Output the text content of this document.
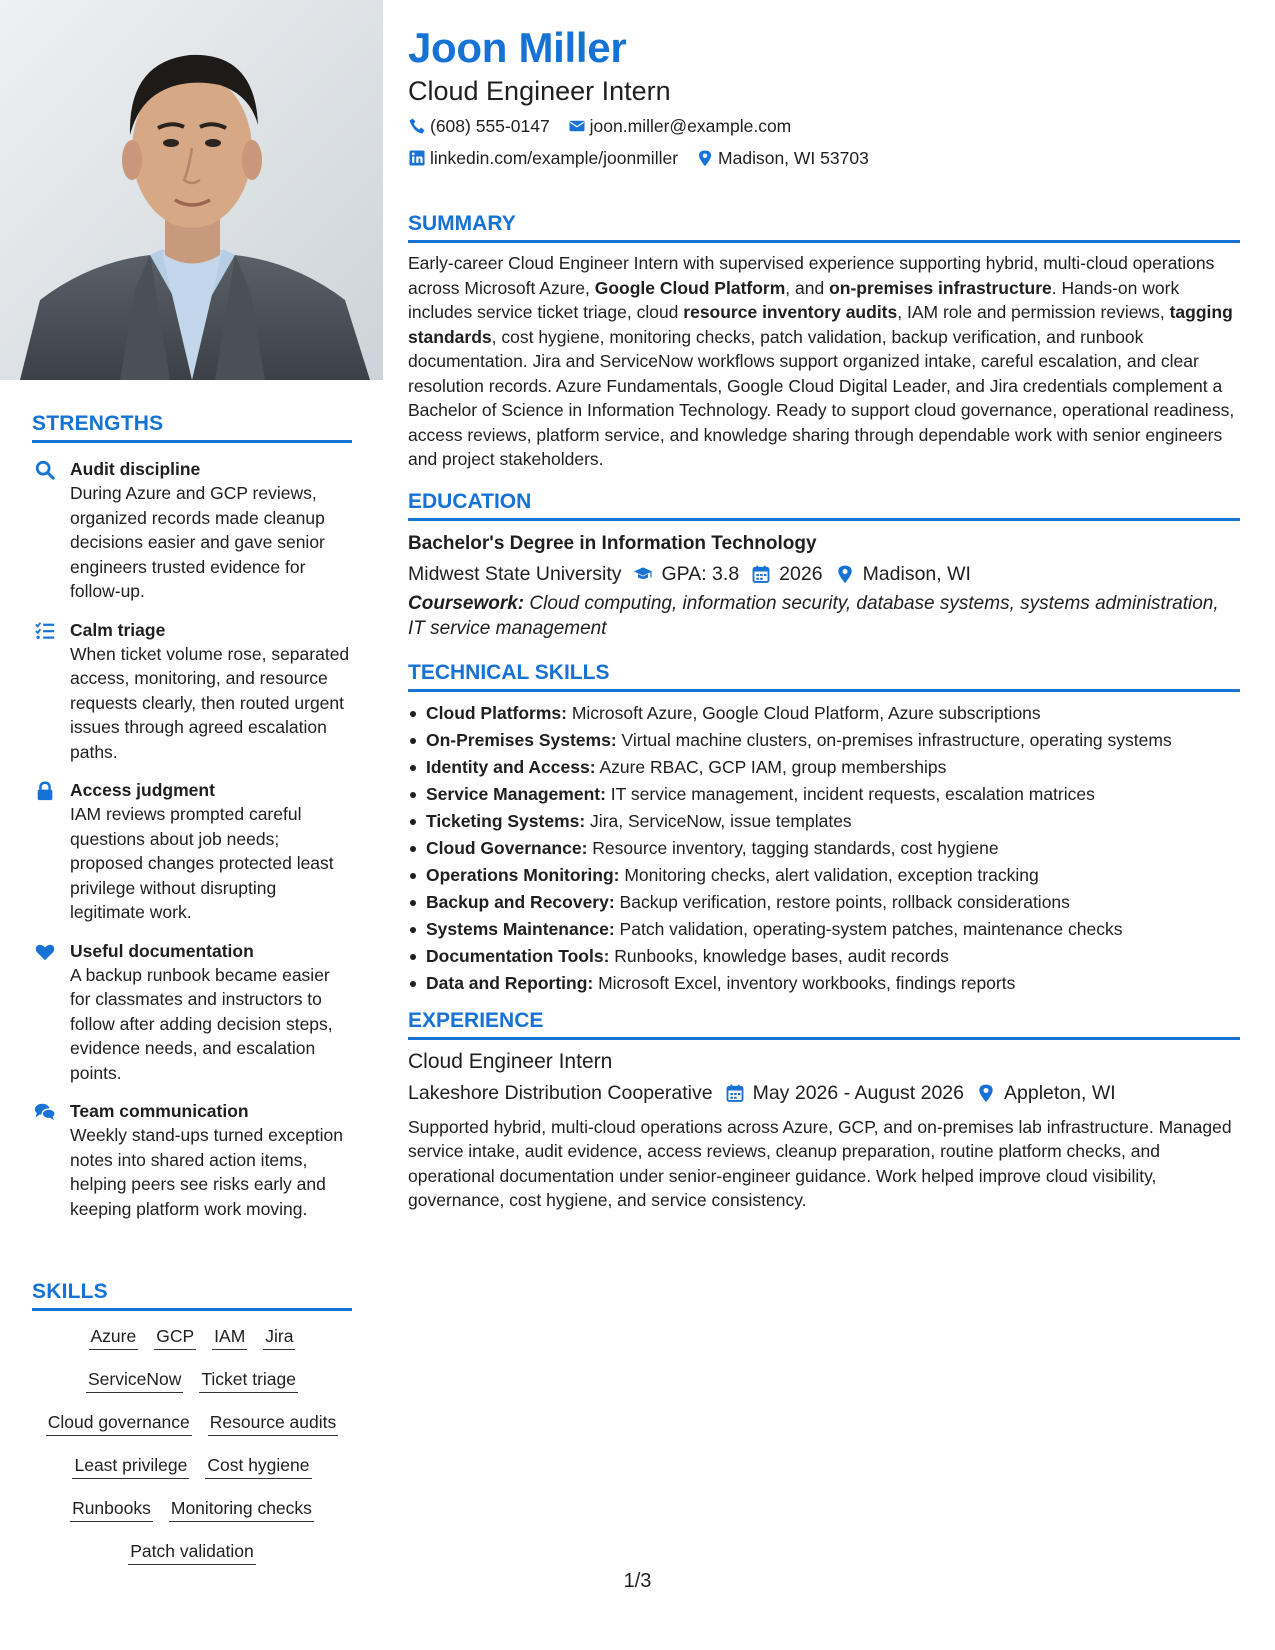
STRENGTHS
Audit discipline
During Azure and GCP reviews, organized records made cleanup decisions easier and gave senior engineers trusted evidence for follow-up.
Calm triage
When ticket volume rose, separated access, monitoring, and resource requests clearly, then routed urgent issues through agreed escalation paths.
Access judgment
IAM reviews prompted careful questions about job needs; proposed changes protected least privilege without disrupting legitimate work.
Useful documentation
A backup runbook became easier for classmates and instructors to follow after adding decision steps, evidence needs, and escalation points.
Team communication
Weekly stand-ups turned exception notes into shared action items, helping peers see risks early and keeping platform work moving.
SKILLS
Azure GCP IAM Jira
ServiceNow Ticket triage
Cloud governance Resource audits
Least privilege Cost hygiene
Runbooks Monitoring checks
Patch validation
Joon Miller
Cloud Engineer Intern
(608) 555-0147 joon.miller@example.com
linkedin.com/example/joonmiller Madison, WI 53703
SUMMARY
Early-career Cloud Engineer Intern with supervised experience supporting hybrid, multi-cloud operations across Microsoft Azure, Google Cloud Platform, and on-premises infrastructure. Hands-on work includes service ticket triage, cloud resource inventory audits, IAM role and permission reviews, tagging standards, cost hygiene, monitoring checks, patch validation, backup verification, and runbook documentation. Jira and ServiceNow workflows support organized intake, careful escalation, and clear resolution records. Azure Fundamentals, Google Cloud Digital Leader, and Jira credentials complement a Bachelor of Science in Information Technology. Ready to support cloud governance, operational readiness, access reviews, platform service, and knowledge sharing through dependable work with senior engineers and project stakeholders.
EDUCATION
Bachelor's Degree in Information Technology
Midwest State University GPA: 3.8 2026 Madison, WI
Coursework: Cloud computing, information security, database systems, systems administration, IT service management
TECHNICAL SKILLS
Cloud Platforms: Microsoft Azure, Google Cloud Platform, Azure subscriptions
On-Premises Systems: Virtual machine clusters, on-premises infrastructure, operating systems
Identity and Access: Azure RBAC, GCP IAM, group memberships
Service Management: IT service management, incident requests, escalation matrices
Ticketing Systems: Jira, ServiceNow, issue templates
Cloud Governance: Resource inventory, tagging standards, cost hygiene
Operations Monitoring: Monitoring checks, alert validation, exception tracking
Backup and Recovery: Backup verification, restore points, rollback considerations
Systems Maintenance: Patch validation, operating-system patches, maintenance checks
Documentation Tools: Runbooks, knowledge bases, audit records
Data and Reporting: Microsoft Excel, inventory workbooks, findings reports
EXPERIENCE
Cloud Engineer Intern
Lakeshore Distribution Cooperative May 2026 - August 2026 Appleton, WI
Supported hybrid, multi-cloud operations across Azure, GCP, and on-premises lab infrastructure. Managed service intake, audit evidence, access reviews, cleanup preparation, routine platform checks, and operational documentation under senior-engineer guidance. Work helped improve cloud visibility, governance, cost hygiene, and service consistency.
1/3
